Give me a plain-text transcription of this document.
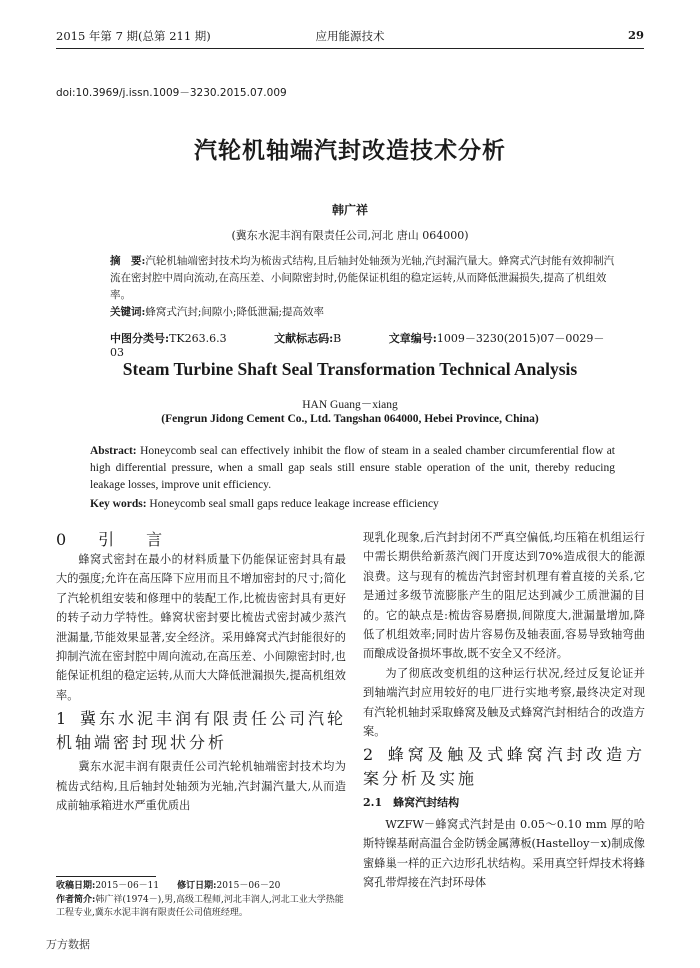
2015 年第 7 期(总第 211 期)	应用能源技术	29
doi:10.3969/j.issn.1009－3230.2015.07.009
汽轮机轴端汽封改造技术分析
韩广祥
(冀东水泥丰润有限责任公司,河北 唐山 064000)
摘　要:汽轮机轴端密封技术均为梳齿式结构,且后轴封处轴颈为光轴,汽封漏汽量大。蜂窝式汽封能有效抑制汽流在密封腔中周向流动,在高压差、小间隙密封时,仍能保证机组的稳定运转,从而降低泄漏损失,提高了机组效率。
关键词:蜂窝式汽封;间隙小;降低泄漏;提高效率
中图分类号:TK263.6.3	文献标志码:B	文章编号:1009－3230(2015)07－0029－03
Steam Turbine Shaft Seal Transformation Technical Analysis
HAN Guang－xiang
(Fengrun Jidong Cement Co., Ltd. Tangshan 064000, Hebei Province, China)
Abstract: Honeycomb seal can effectively inhibit the flow of steam in a sealed chamber circumferential flow at high differential pressure, when a small gap seals still ensure stable operation of the unit, thereby reducing leakage losses, improve unit efficiency.
Key words: Honeycomb seal small gaps reduce leakage increase efficiency
0　引　言

蜂窝式密封在最小的材料质量下仍能保证密封具有最大的强度;允许在高压降下应用而且不增加密封的尺寸;简化了汽轮机组安装和修理中的装配工作,比梳齿密封具有更好的转子动力学特性。蜂窝状密封要比梳齿式密封减少蒸汽泄漏量,节能效果显著,安全经济。采用蜂窝式汽封能很好的抑制汽流在密封腔中周向流动,在高压差、小间隙密封时,也能保证机组的稳定运转,从而大大降低泄漏损失,提高机组效率。

1 冀东水泥丰润有限责任公司汽轮机轴端密封现状分析

冀东水泥丰润有限责任公司汽轮机轴端密封技术均为梳齿式结构,且后轴封处轴颈为光轴,汽封漏汽量大,从而造成前轴承箱进水严重优质出

现乳化现象,后汽封封闭不严真空偏低,均压箱在机组运行中需长期供给新蒸汽阀门开度达到70%造成很大的能源浪费。这与现有的梳齿汽封密封机理有着直接的关系,它是通过多级节流膨胀产生的阻尼达到减少工质泄漏的目的。它的缺点是:梳齿容易磨损,间隙度大,泄漏量增加,降低了机组效率;同时齿片容易伤及轴表面,容易导致轴弯曲而酿成设备损坏事故,既不安全又不经济。

为了彻底改变机组的这种运行状况,经过反复论证并到轴端汽封应用较好的电厂进行实地考察,最终决定对现有汽轮机轴封采取蜂窝及触及式蜂窝汽封相结合的改造方案。

2 蜂窝及触及式蜂窝汽封改造方案分析及实施
2.1　蜂窝汽封结构

WZFW－蜂窝式汽封是由 0.05～0.10 mm 厚的哈斯特镍基耐高温合金防锈金属薄板(Hastelloy－x)制成像蜜蜂巢一样的正六边形孔状结构。采用真空钎焊技术将蜂窝孔带焊接在汽封环母体

收稿日期:2015－06－11　　 修订日期:2015－06－20
作者简介:韩广祥(1974－),男,高级工程师,河北丰润人,河北工业大学热能工程专业,冀东水泥丰润有限责任公司值班经理。
万方数据
